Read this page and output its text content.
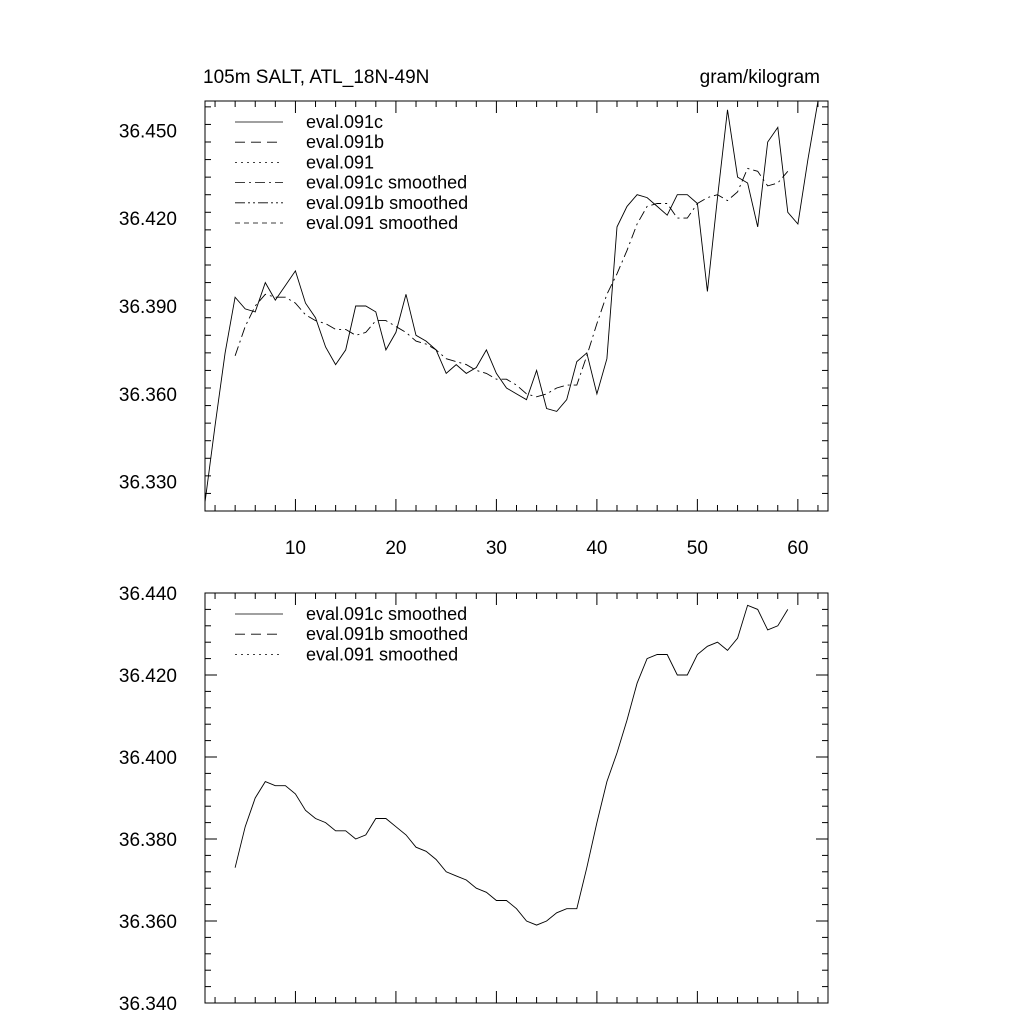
10	20	30	40	50	60
36.330
36.360
36.390
36.420
36.450
105m SALT, ATL_18N-49N	gram/kilogram
eval.091c
eval.091b
eval.091
eval.091c smoothed
eval.091b smoothed
eval.091 smoothed
36.340
36.360
36.380
36.400
36.420
36.440
eval.091c smoothed
eval.091b smoothed
eval.091 smoothed
